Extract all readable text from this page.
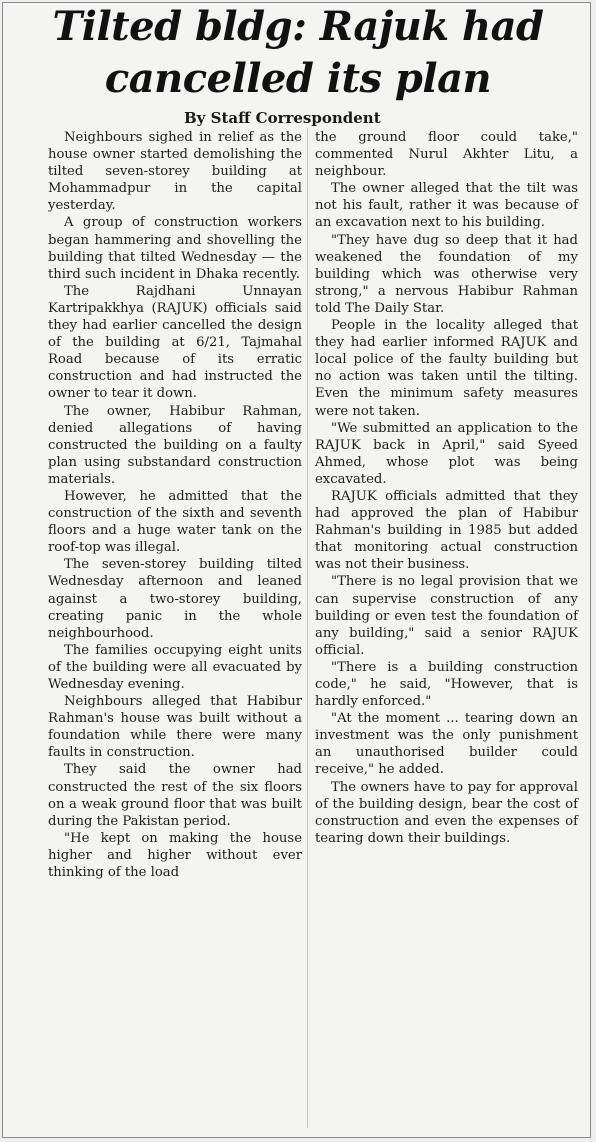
Tilted bldg: Rajuk had
cancelled its plan
By Staff Correspondent

Neighbours sighed in relief as the house owner started demolishing the tilted seven-storey building at Mohammadpur in the capital yesterday.

A group of construction workers began hammering and shovelling the building that tilted Wednesday — the third such incident in Dhaka recently.

The Rajdhani Unnayan Kartripakkhya (RAJUK) officials said they had earlier cancelled the design of the building at 6/21, Tajmahal Road because of its erratic construction and had instructed the owner to tear it down.

The owner, Habibur Rahman, denied allegations of having constructed the building on a faulty plan using substandard construction materials.

However, he admitted that the construction of the sixth and seventh floors and a huge water tank on the roof-top was illegal.

The seven-storey building tilted Wednesday afternoon and leaned against a two-storey building, creating panic in the whole neighbourhood.

The families occupying eight units of the building were all evacuated by Wednesday evening.

Neighbours alleged that Habibur Rahman's house was built without a foundation while there were many faults in construction.

They said the owner had constructed the rest of the six floors on a weak ground floor that was built during the Pakistan period.

"He kept on making the house higher and higher without ever thinking of the load

the ground floor could take," commented Nurul Akhter Litu, a neighbour.

The owner alleged that the tilt was not his fault, rather it was because of an excavation next to his building.

"They have dug so deep that it had weakened the foundation of my building which was otherwise very strong," a nervous Habibur Rahman told The Daily Star.

People in the locality alleged that they had earlier informed RAJUK and local police of the faulty building but no action was taken until the tilting. Even the minimum safety measures were not taken.

"We submitted an application to the RAJUK back in April," said Syeed Ahmed, whose plot was being excavated.

RAJUK officials admitted that they had approved the plan of Habibur Rahman's building in 1985 but added that monitoring actual construction was not their business.

"There is no legal provision that we can supervise construction of any building or even test the foundation of any building," said a senior RAJUK official.

"There is a building construction code," he said, "However, that is hardly enforced."

"At the moment ... tearing down an investment was the only punishment an unauthorised builder could receive," he added.

The owners have to pay for approval of the building design, bear the cost of construction and even the expenses of tearing down their buildings.
